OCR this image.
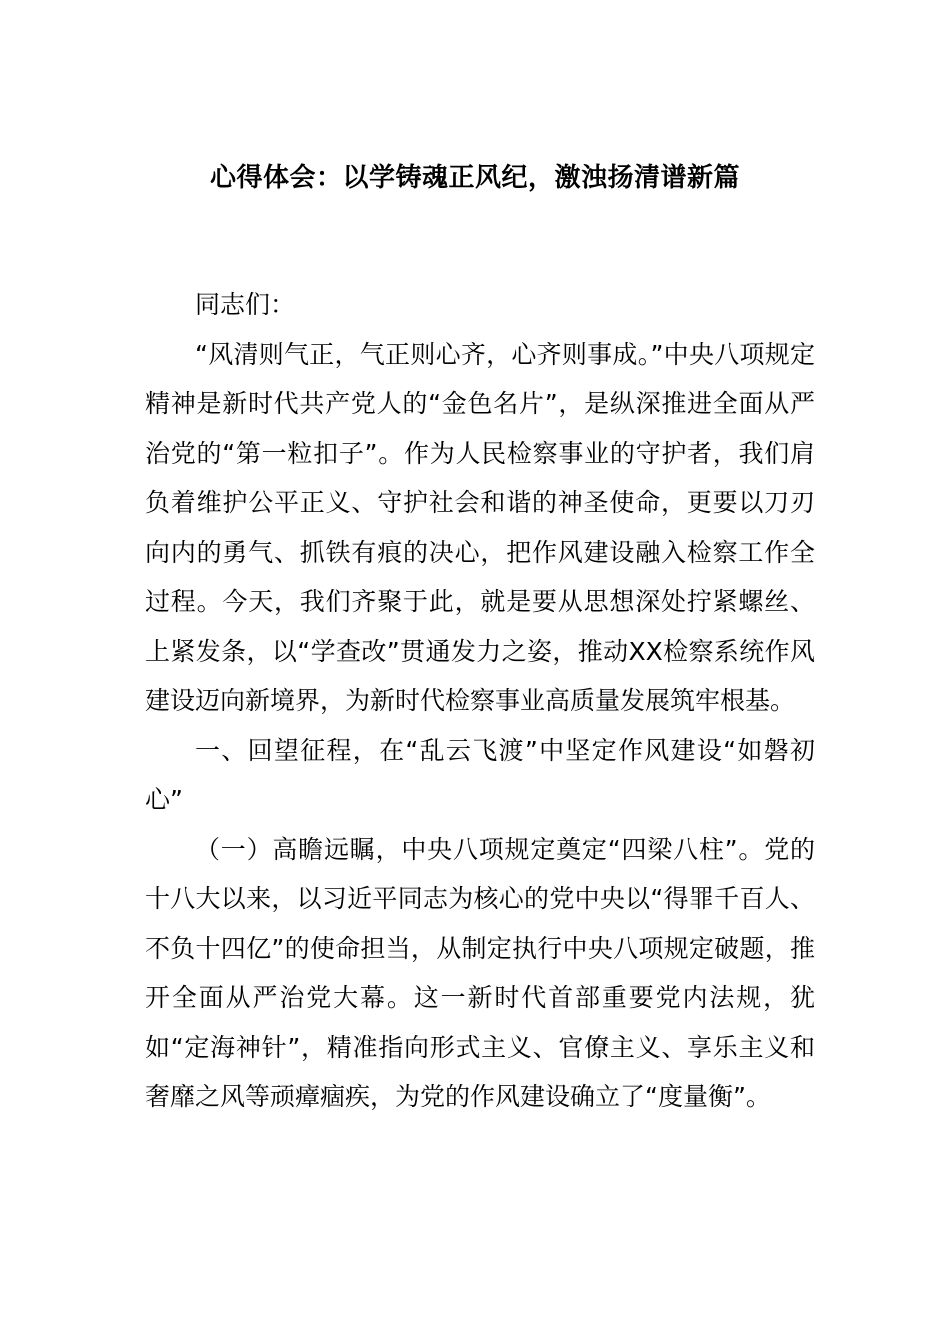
心得体会：以学铸魂正风纪，激浊扬清谱新篇

同志们：

“风清则气正，气正则心齐，心齐则事成。”中央八项规定精神是新时代共产党人的“金色名片”，是纵深推进全面从严治党的“第一粒扣子”。作为人民检察事业的守护者，我们肩负着维护公平正义、守护社会和谐的神圣使命，更要以刀刃向内的勇气、抓铁有痕的决心，把作风建设融入检察工作全过程。今天，我们齐聚于此，就是要从思想深处拧紧螺丝、上紧发条，以“学查改”贯通发力之姿，推动XX检察系统作风建设迈向新境界，为新时代检察事业高质量发展筑牢根基。

一、回望征程，在“乱云飞渡”中坚定作风建设“如磐初心”

（一）高瞻远瞩，中央八项规定奠定“四梁八柱”。党的十八大以来，以习近平同志为核心的党中央以“得罪千百人、不负十四亿”的使命担当，从制定执行中央八项规定破题，推开全面从严治党大幕。这一新时代首部重要党内法规，犹如“定海神针”，精准指向形式主义、官僚主义、享乐主义和奢靡之风等顽瘴痼疾，为党的作风建设确立了“度量衡”。
